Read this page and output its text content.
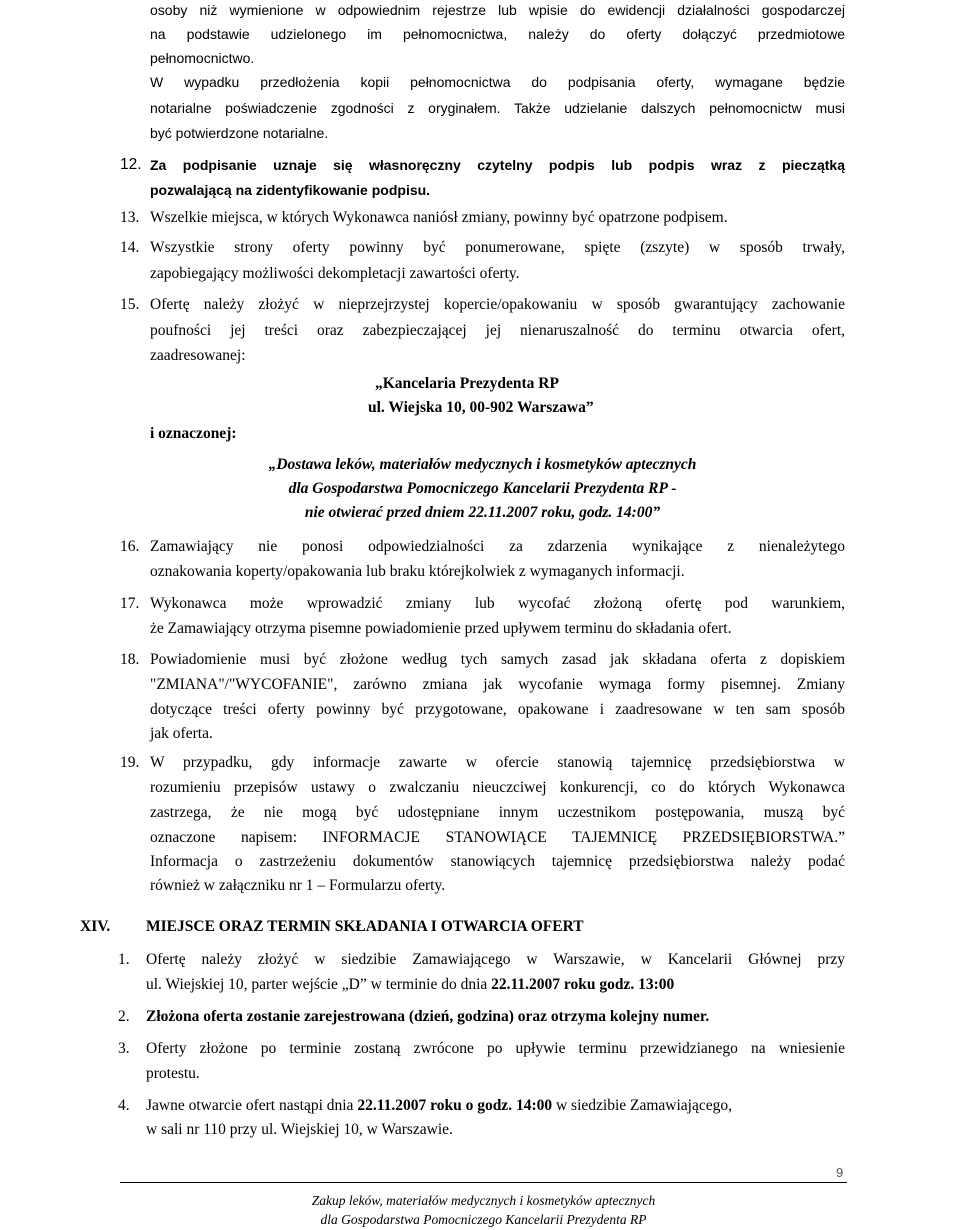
osoby niż wymienione w odpowiednim rejestrze lub wpisie do ewidencji działalności gospodarczej
na podstawie udzielonego im pełnomocnictwa, należy do oferty dołączyć przedmiotowe
pełnomocnictwo.
W wypadku przedłożenia kopii pełnomocnictwa do podpisania oferty, wymagane będzie
notarialne poświadczenie zgodności z oryginałem. Także udzielanie dalszych pełnomocnictw musi
być potwierdzone notarialne.
12. Za podpisanie uznaje się własnoręczny czytelny podpis lub podpis wraz z pieczątką
pozwalającą na zidentyfikowanie podpisu.
13. Wszelkie miejsca, w których Wykonawca naniósł zmiany, powinny być opatrzone podpisem.
14. Wszystkie strony oferty powinny być ponumerowane, spięte (zszyte) w sposób trwały,
zapobiegający możliwości dekompletacji zawartości oferty.
15. Ofertę należy złożyć w nieprzejrzystej kopercie/opakowaniu w sposób gwarantujący zachowanie
poufności jej treści oraz zabezpieczającej jej nienaruszalność do terminu otwarcia ofert,
zaadresowanej:
„Kancelaria Prezydenta RP
ul. Wiejska 10, 00-902 Warszawa”
i oznaczonej:
„Dostawa leków, materiałów medycznych i kosmetyków aptecznych
dla Gospodarstwa Pomocniczego Kancelarii Prezydenta RP -
nie otwierać przed dniem 22.11.2007 roku, godz. 14:00”
16. Zamawiający nie ponosi odpowiedzialności za zdarzenia wynikające z nienależytego
oznakowania koperty/opakowania lub braku którejkolwiek z wymaganych informacji.
17. Wykonawca może wprowadzić zmiany lub wycofać złożoną ofertę pod warunkiem,
że Zamawiający otrzyma pisemne powiadomienie przed upływem terminu do składania ofert.
18. Powiadomienie musi być złożone według tych samych zasad jak składana oferta z dopiskiem
"ZMIANA"/"WYCOFANIE", zarówno zmiana jak wycofanie wymaga formy pisemnej. Zmiany
dotyczące treści oferty powinny być przygotowane, opakowane i zaadresowane w ten sam sposób
jak oferta.
19. W przypadku, gdy informacje zawarte w ofercie stanowią tajemnicę przedsiębiorstwa w
rozumieniu przepisów ustawy o zwalczaniu nieuczciwej konkurencji, co do których Wykonawca
zastrzega, że nie mogą być udostępniane innym uczestnikom postępowania, muszą być
oznaczone napisem: INFORMACJE STANOWIĄCE TAJEMNICĘ PRZEDSIĘBIORSTWA.”
Informacja o zastrzeżeniu dokumentów stanowiących tajemnicę przedsiębiorstwa należy podać
również w załączniku nr 1 – Formularzu oferty.
XIV. MIEJSCE ORAZ TERMIN SKŁADANIA I OTWARCIA OFERT
1. Ofertę należy złożyć w siedzibie Zamawiającego w Warszawie, w Kancelarii Głównej przy
ul. Wiejskiej 10, parter wejście „D” w terminie do dnia 22.11.2007 roku godz. 13:00
2. Złożona oferta zostanie zarejestrowana (dzień, godzina) oraz otrzyma kolejny numer.
3. Oferty złożone po terminie zostaną zwrócone po upływie terminu przewidzianego na wniesienie
protestu.
4. Jawne otwarcie ofert nastąpi dnia 22.11.2007 roku o godz. 14:00 w siedzibie Zamawiającego,
w sali nr 110 przy ul. Wiejskiej 10, w Warszawie.
9
Zakup leków, materiałów medycznych i kosmetyków aptecznych
dla Gospodarstwa Pomocniczego Kancelarii Prezydenta RP
